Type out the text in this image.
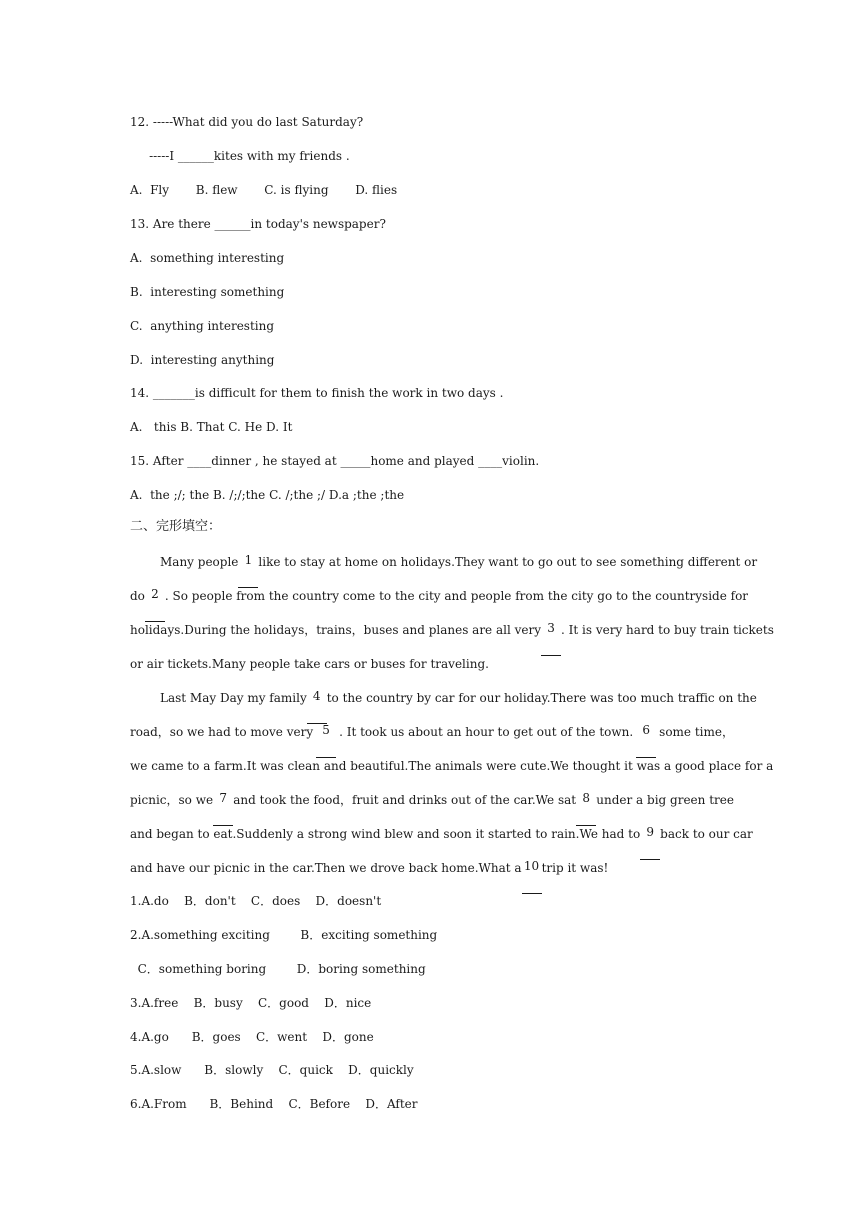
12. -----What did you do last Saturday?
-----I ______kites with my friends .
A.  Fly       B. flew       C. is flying       D. flies
13. Are there ______in today's newspaper?
A.  something interesting
B.  interesting something
C.  anything interesting
D.  interesting anything
14. _______is difficult for them to finish the work in two days .
A.   this B. That C. He D. It
15. After ____dinner , he stayed at _____home and played ____violin.
A.  the ;/; the B. /;/;the C. /;the ;/ D.a ;the ;the
二、完形填空：
Many people 1 like to stay at home on holidays.They want to go out to see something different or
do 2 . So people from the country come to the city and people from the city go to the countryside for
holidays.During the holidays，trains，buses and planes are all very 3 . It is very hard to buy train tickets
or air tickets.Many people take cars or buses for traveling.
Last May Day my family 4 to the country by car for our holiday.There was too much traffic on the
road，so we had to move very 5 . It took us about an hour to get out of the town. 6 some time，
we came to a farm.It was clean and beautiful.The animals were cute.We thought it was a good place for a
picnic，so we 7 and took the food，fruit and drinks out of the car.We sat 8 under a big green tree
and began to eat.Suddenly a strong wind blew and soon it started to rain.We had to 9 back to our car
and have our picnic in the car.Then we drove back home.What a 10 trip it was!
1.A.do    B．don't    C．does    D．doesn't
2.A.something exciting        B．exciting something
C．something boring        D．boring something
3.A.free    B．busy    C．good    D．nice
4.A.go      B．goes    C．went    D．gone
5.A.slow      B．slowly    C．quick    D．quickly
6.A.From      B．Behind    C．Before    D．After
